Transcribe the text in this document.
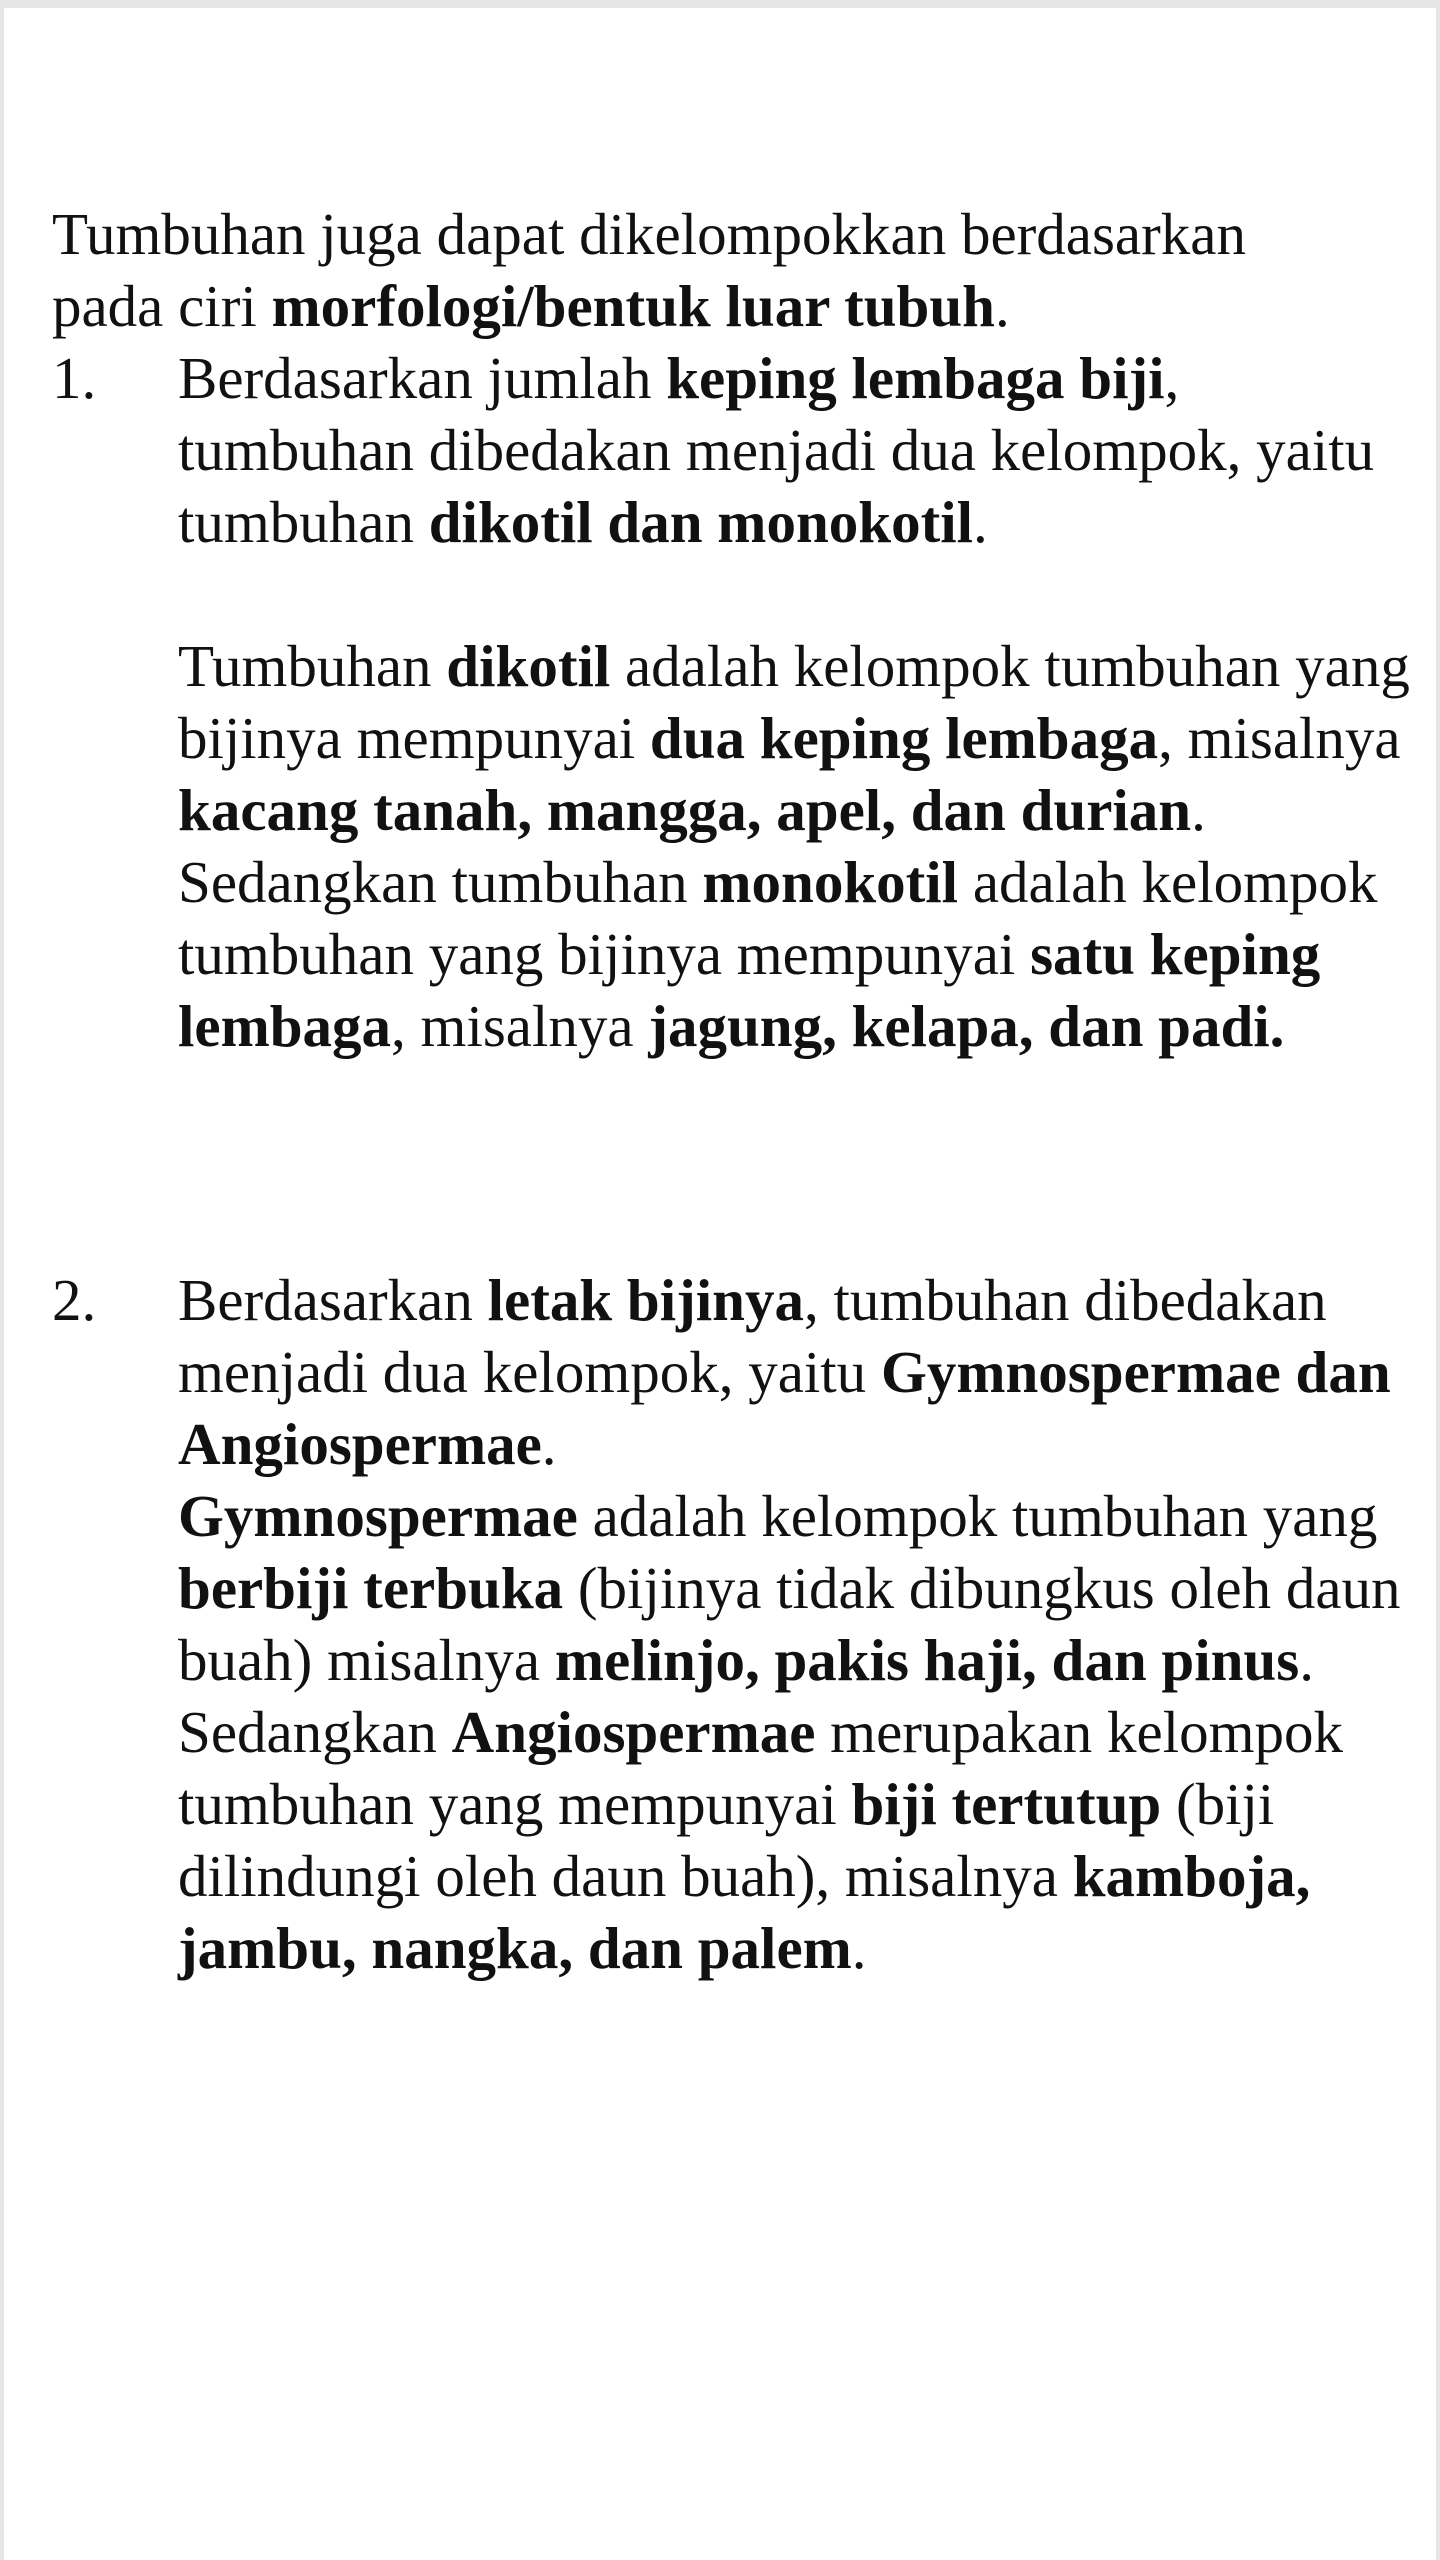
Tumbuhan juga dapat dikelompokkan berdasarkan
pada ciri morfologi/bentuk luar tubuh.
1.	Berdasarkan jumlah keping lembaga biji, tumbuhan dibedakan menjadi dua kelompok, yaitu tumbuhan dikotil dan monokotil.

Tumbuhan dikotil adalah kelompok tumbuhan yang bijinya mempunyai dua keping lembaga, misalnya kacang tanah, mangga, apel, dan durian.

Sedangkan tumbuhan monokotil adalah kelompok tumbuhan yang bijinya mempunyai satu keping lembaga, misalnya jagung, kelapa, dan padi.

2.	Berdasarkan letak bijinya, tumbuhan dibedakan menjadi dua kelompok, yaitu Gymnospermae dan Angiospermae.

Gymnospermae adalah kelompok tumbuhan yang berbiji terbuka (bijinya tidak dibungkus oleh daun buah) misalnya melinjo, pakis haji, dan pinus.

Sedangkan Angiospermae merupakan kelompok tumbuhan yang mempunyai biji tertutup (biji dilindungi oleh daun buah), misalnya kamboja, jambu, nangka, dan palem.
